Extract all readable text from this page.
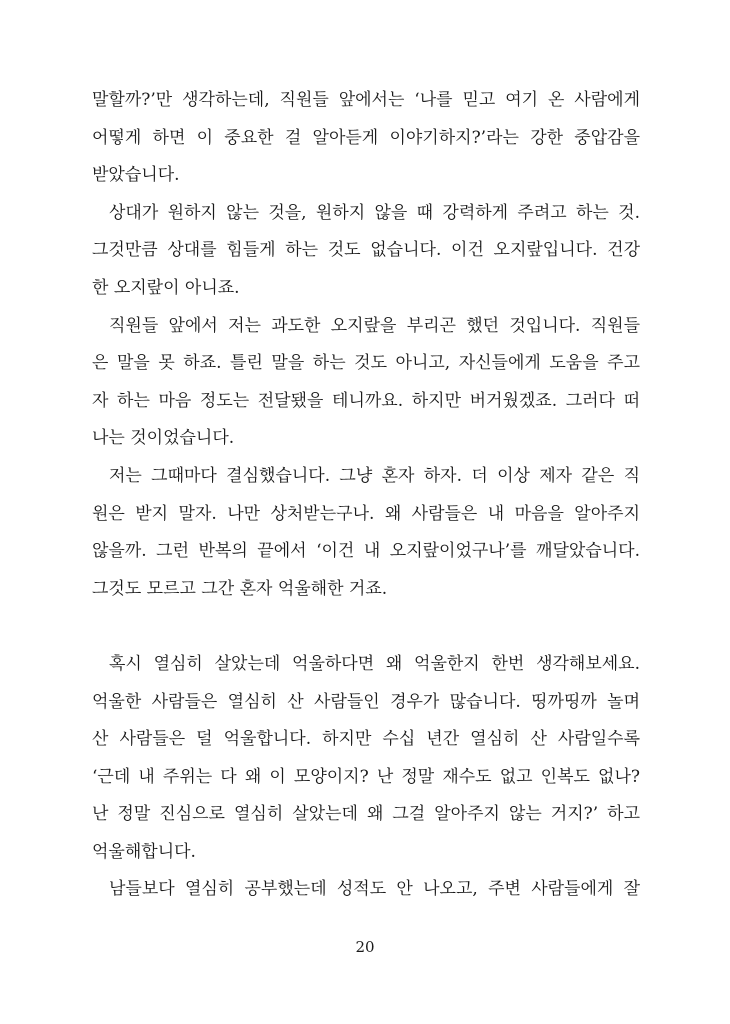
말할까?’만 생각하는데, 직원들 앞에서는 ‘나를 믿고 여기 온 사람에게
어떻게 하면 이 중요한 걸 알아듣게 이야기하지?’라는 강한 중압감을
받았습니다.
상대가 원하지 않는 것을, 원하지 않을 때 강력하게 주려고 하는 것.
그것만큼 상대를 힘들게 하는 것도 없습니다. 이건 오지랖입니다. 건강
한 오지랖이 아니죠.
직원들 앞에서 저는 과도한 오지랖을 부리곤 했던 것입니다. 직원들
은 말을 못 하죠. 틀린 말을 하는 것도 아니고, 자신들에게 도움을 주고
자 하는 마음 정도는 전달됐을 테니까요. 하지만 버거웠겠죠. 그러다 떠
나는 것이었습니다.
저는 그때마다 결심했습니다. 그냥 혼자 하자. 더 이상 제자 같은 직
원은 받지 말자. 나만 상처받는구나. 왜 사람들은 내 마음을 알아주지
않을까. 그런 반복의 끝에서 ‘이건 내 오지랖이었구나’를 깨달았습니다.
그것도 모르고 그간 혼자 억울해한 거죠.
혹시 열심히 살았는데 억울하다면 왜 억울한지 한번 생각해보세요.
억울한 사람들은 열심히 산 사람들인 경우가 많습니다. 띵까띵까 놀며
산 사람들은 덜 억울합니다. 하지만 수십 년간 열심히 산 사람일수록
‘근데 내 주위는 다 왜 이 모양이지? 난 정말 재수도 없고 인복도 없나?
난 정말 진심으로 열심히 살았는데 왜 그걸 알아주지 않는 거지?’ 하고
억울해합니다.
남들보다 열심히 공부했는데 성적도 안 나오고, 주변 사람들에게 잘
20
